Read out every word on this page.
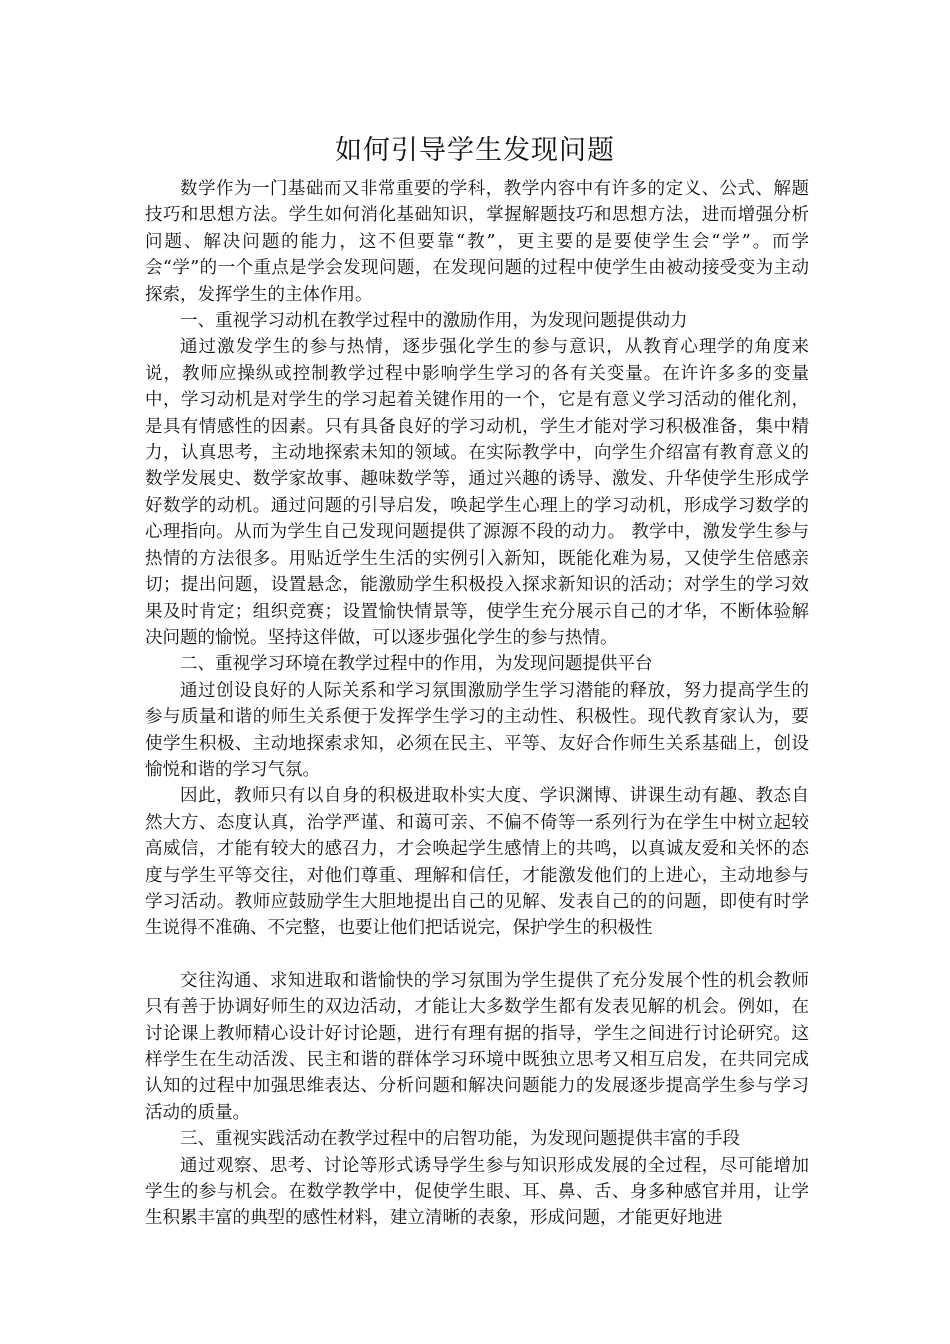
如何引导学生发现问题

数学作为一门基础而又非常重要的学科，教学内容中有许多的定义、公式、解题技巧和思想方法。学生如何消化基础知识，掌握解题技巧和思想方法，进而增强分析问题、解决问题的能力，这不但要靠“教”，更主要的是要使学生会“学”。而学会“学”的一个重点是学会发现问题，在发现问题的过程中使学生由被动接受变为主动探索，发挥学生的主体作用。

一、重视学习动机在教学过程中的激励作用，为发现问题提供动力

通过激发学生的参与热情，逐步强化学生的参与意识，从教育心理学的角度来说，教师应操纵或控制教学过程中影响学生学习的各有关变量。在许许多多的变量中，学习动机是对学生的学习起着关键作用的一个，它是有意义学习活动的催化剂，是具有情感性的因素。只有具备良好的学习动机，学生才能对学习积极准备，集中精力，认真思考，主动地探索未知的领域。在实际教学中，向学生介绍富有教育意义的数学发展史、数学家故事、趣味数学等，通过兴趣的诱导、激发、升华使学生形成学好数学的动机。通过问题的引导启发，唤起学生心理上的学习动机，形成学习数学的心理指向。从而为学生自己发现问题提供了源源不段的动力。 教学中，激发学生参与热情的方法很多。用贴近学生生活的实例引入新知，既能化难为易，又使学生倍感亲切；提出问题，设置悬念，能激励学生积极投入探求新知识的活动；对学生的学习效果及时肯定；组织竞赛；设置愉快情景等，使学生充分展示自己的才华，不断体验解决问题的愉悦。坚持这伴做，可以逐步强化学生的参与热情。

二、重视学习环境在教学过程中的作用，为发现问题提供平台

通过创设良好的人际关系和学习氛围激励学生学习潜能的释放，努力提高学生的参与质量和谐的师生关系便于发挥学生学习的主动性、积极性。现代教育家认为，要使学生积极、主动地探索求知，必须在民主、平等、友好合作师生关系基础上，创设愉悦和谐的学习气氛。

因此，教师只有以自身的积极进取朴实大度、学识渊博、讲课生动有趣、教态自然大方、态度认真，治学严谨、和蔼可亲、不偏不倚等一系列行为在学生中树立起较高威信，才能有较大的感召力，才会唤起学生感情上的共鸣，以真诚友爱和关怀的态度与学生平等交往，对他们尊重、理解和信任，才能激发他们的上进心，主动地参与学习活动。教师应鼓励学生大胆地提出自己的见解、发表自己的的问题，即使有时学生说得不准确、不完整，也要让他们把话说完，保护学生的积极性

交往沟通、求知进取和谐愉快的学习氛围为学生提供了充分发展个性的机会教师只有善于协调好师生的双边活动，才能让大多数学生都有发表见解的机会。例如，在讨论课上教师精心设计好讨论题，进行有理有据的指导，学生之间进行讨论研究。这样学生在生动活泼、民主和谐的群体学习环境中既独立思考又相互启发，在共同完成认知的过程中加强思维表达、分析问题和解决问题能力的发展逐步提高学生参与学习活动的质量。

三、重视实践活动在教学过程中的启智功能，为发现问题提供丰富的手段

通过观察、思考、讨论等形式诱导学生参与知识形成发展的全过程，尽可能增加学生的参与机会。在数学教学中，促使学生眼、耳、鼻、舌、身多种感官并用，让学生积累丰富的典型的感性材料，建立清晰的表象，形成问题，才能更好地进
